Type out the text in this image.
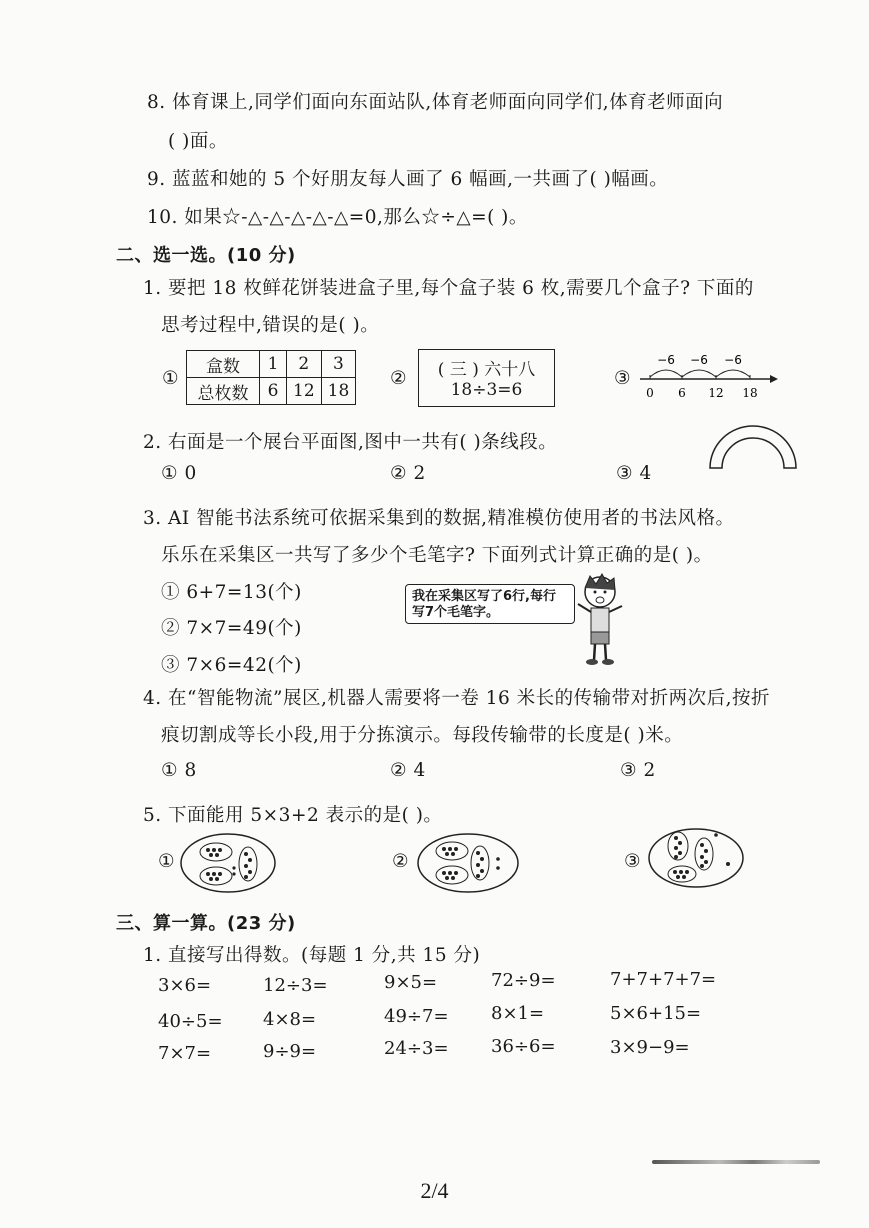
8. 体育课上,同学们面向东面站队,体育老师面向同学们,体育老师面向
( )面。
9. 蓝蓝和她的 5 个好朋友每人画了 6 幅画,一共画了( )幅画。
10. 如果☆-△-△-△-△-△=0,那么☆÷△=( )。
二、选一选。(10 分)
1. 要把 18 枚鲜花饼装进盒子里,每个盒子装 6 枚,需要几个盒子? 下面的
思考过程中,错误的是( )。
①
盒数	1	2	3
总枚数	6	12	18
②	( 三 ) 六十八
18÷3=6
③
−6 −6 −6
0 6 12 18
2. 右面是一个展台平面图,图中一共有( )条线段。
① 0	② 2	③ 4
3. AI 智能书法系统可依据采集到的数据,精准模仿使用者的书法风格。
乐乐在采集区一共写了多少个毛笔字? 下面列式计算正确的是( )。
① 6+7=13(个)
② 7×7=49(个)
③ 7×6=42(个)
我在采集区写了6行,每行写7个毛笔字。
4. 在“智能物流”展区,机器人需要将一卷 16 米长的传输带对折两次后,按折
痕切割成等长小段,用于分拣演示。每段传输带的长度是( )米。
① 8	② 4	③ 2
5. 下面能用 5×3+2 表示的是( )。
①	②	③
三、算一算。(23 分)
1. 直接写出得数。(每题 1 分,共 15 分)
3×6=	12÷3=	9×5=	72÷9=	7+7+7+7=
40÷5= 4×8=	49÷7= 8×1=	5×6+15=
7×7=	9÷9=	24÷3= 36÷6=	3×9−9=
2/4
